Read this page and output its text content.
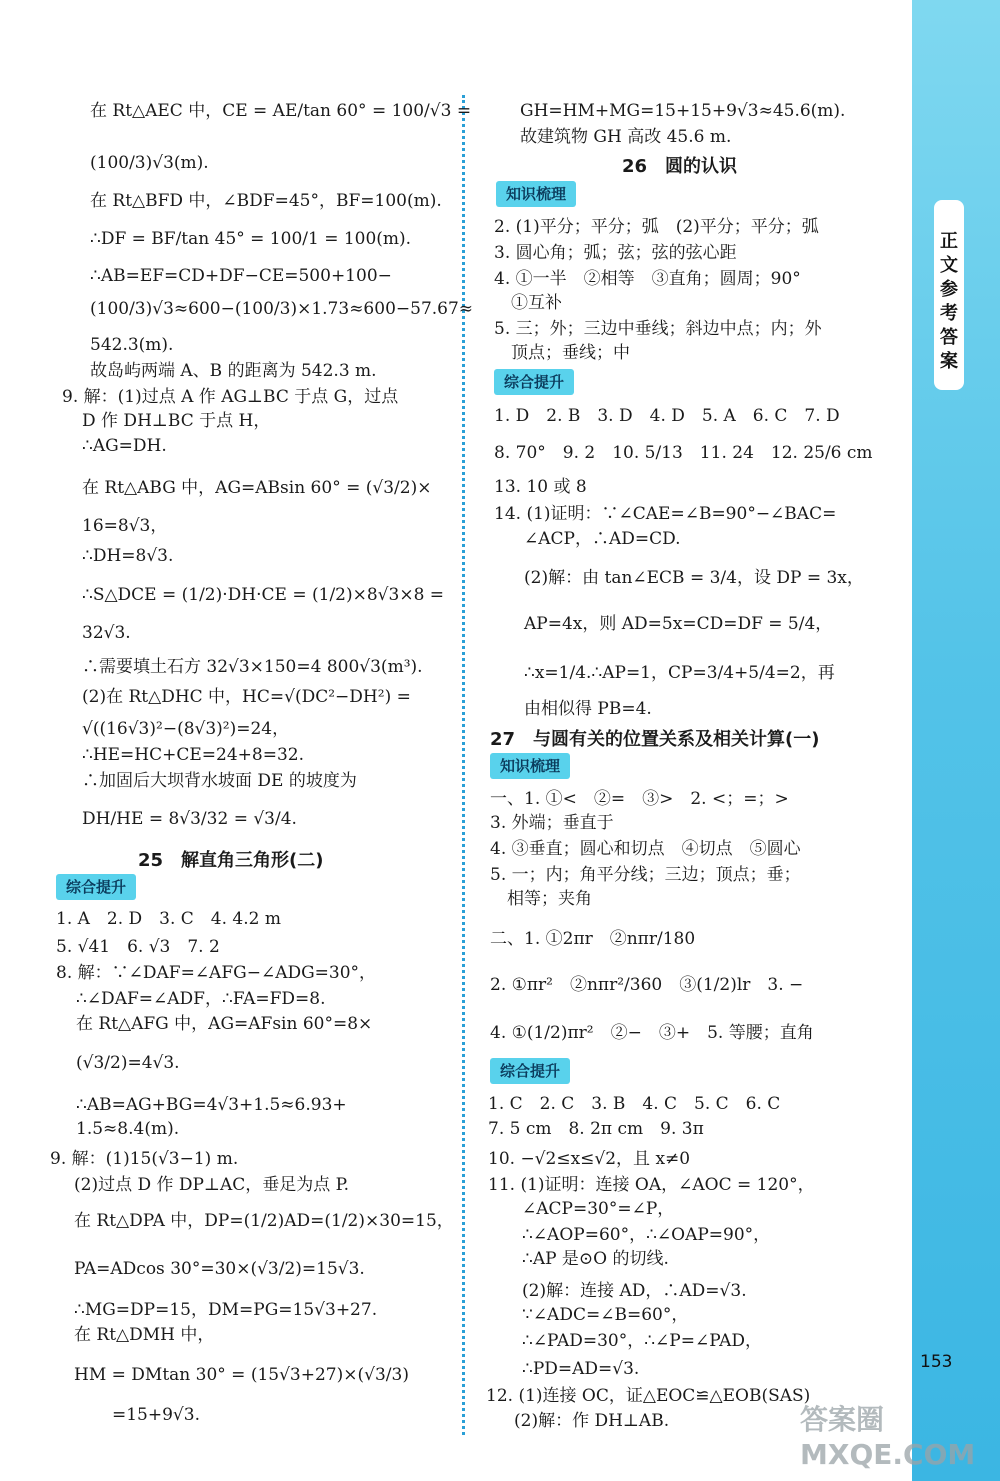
在 Rt△AEC 中，CE = AE/tan 60° = 100/√3 =
(100/3)√3(m).
在 Rt△BFD 中，∠BDF=45°，BF=100(m).
∴DF = BF/tan 45° = 100/1 = 100(m).
∴AB=EF=CD+DF−CE=500+100−
(100/3)√3≈600−(100/3)×1.73≈600−57.67≈
542.3(m).
故岛屿两端 A、B 的距离为 542.3 m.
9. 解：(1)过点 A 作 AG⊥BC 于点 G，过点
D 作 DH⊥BC 于点 H，
∴AG=DH.
在 Rt△ABG 中，AG=ABsin 60° = (√3/2)×
16=8√3，
∴DH=8√3.
∴S△DCE = (1/2)·DH·CE = (1/2)×8√3×8 =
32√3.
∴需要填土石方 32√3×150=4 800√3(m³).
(2)在 Rt△DHC 中，HC=√(DC²−DH²) =
√((16√3)²−(8√3)²)=24，
∴HE=HC+CE=24+8=32.
∴加固后大坝背水坡面 DE 的坡度为
DH/HE = 8√3/32 = √3/4.
25　解直角三角形(二)
综合提升
1. A　2. D　3. C　4. 4.2 m
5. √41　6. √3　7. 2
8. 解：∵∠DAF=∠AFG−∠ADG=30°，
∴∠DAF=∠ADF，∴FA=FD=8.
在 Rt△AFG 中，AG=AFsin 60°=8×
(√3/2)=4√3.
∴AB=AG+BG=4√3+1.5≈6.93+
1.5≈8.4(m).
9. 解：(1)15(√3−1) m.
(2)过点 D 作 DP⊥AC，垂足为点 P.
在 Rt△DPA 中，DP=(1/2)AD=(1/2)×30=15，
PA=ADcos 30°=30×(√3/2)=15√3.
∴MG=DP=15，DM=PG=15√3+27.
在 Rt△DMH 中，
HM = DMtan 30° = (15√3+27)×(√3/3)
=15+9√3.
GH=HM+MG=15+15+9√3≈45.6(m).
故建筑物 GH 高改 45.6 m.
26　圆的认识
知识梳理
2. (1)平分；平分；弧　(2)平分；平分；弧
3. 圆心角；弧；弦；弦的弦心距
4. ①一半　②相等　③直角；圆周；90°
　①互补
5. 三；外；三边中垂线；斜边中点；内；外
　顶点；垂线；中
综合提升
1. D　2. B　3. D　4. D　5. A　6. C　7. D
8. 70°　9. 2　10. 5/13　11. 24　12. 25/6 cm
13. 10 或 8
14. (1)证明：∵∠CAE=∠B=90°−∠BAC=
∠ACP，∴AD=CD.
(2)解：由 tan∠ECB = 3/4，设 DP = 3x，
AP=4x，则 AD=5x=CD=DF = 5/4，
∴x=1/4.∴AP=1，CP=3/4+5/4=2，再
由相似得 PB=4.
27　与圆有关的位置关系及相关计算(一)
知识梳理
一、1. ①<　②=　③>　2. <；=；>
3. 外端；垂直于
4. ③垂直；圆心和切点　④切点　⑤圆心
5. 一；内；角平分线；三边；顶点；垂；
　相等；夹角
二、1. ①2πr　②nπr/180
2. ①πr²　②nπr²/360　③(1/2)lr　3. −
4. ①(1/2)πr²　②−　③+　5. 等腰；直角
综合提升
1. C　2. C　3. B　4. C　5. C　6. C
7. 5 cm　8. 2π cm　9. 3π
10. −√2≤x≤√2，且 x≠0
11. (1)证明：连接 OA，∠AOC = 120°，
∠ACP=30°=∠P，
∴∠AOP=60°，∴∠OAP=90°，
∴AP 是⊙O 的切线.
(2)解：连接 AD，∴AD=√3.
∵∠ADC=∠B=60°，
∴∠PAD=30°，∴∠P=∠PAD，
∴PD=AD=√3.
12. (1)连接 OC，证△EOC≌△EOB(SAS)
(2)解：作 DH⊥AB.
正文参考答案
153
答案圈 MXQE.COM
